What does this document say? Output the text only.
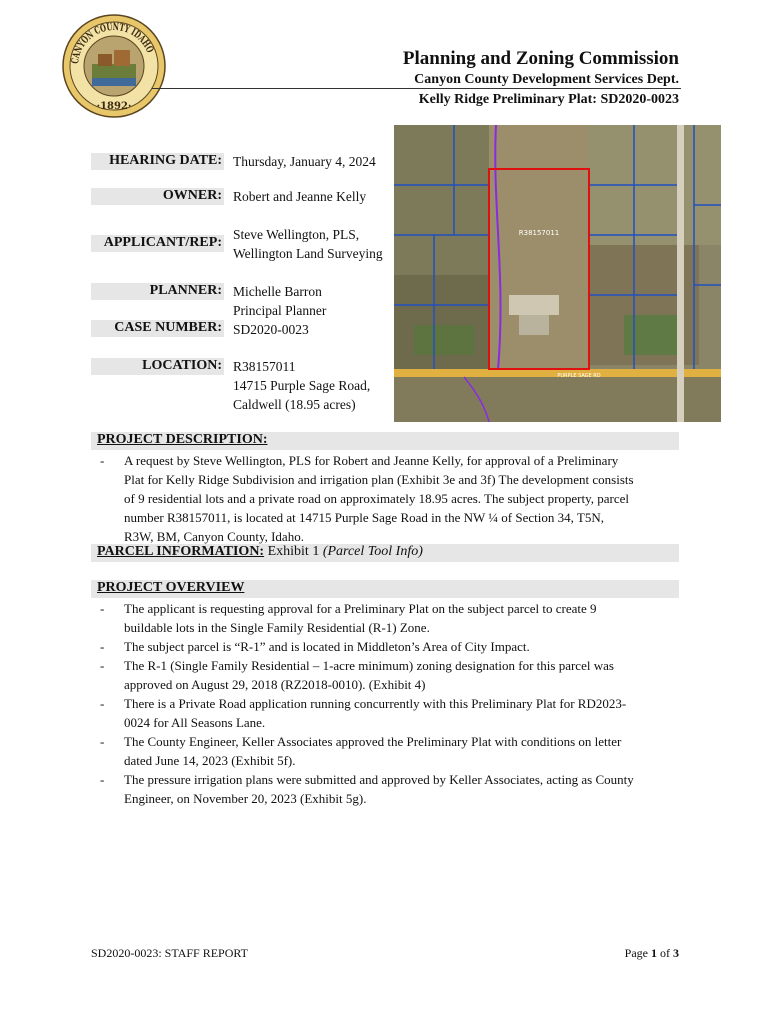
CANYON COUNTY IDAHO
·1892·
Planning and Zoning Commission
Canyon County Development Services Dept.
Kelly Ridge Preliminary Plat: SD2020-0023
HEARING DATE: Thursday, January 4, 2024
OWNER: Robert and Jeanne Kelly
APPLICANT/REP:
Steve Wellington, PLS,
Wellington Land Surveying
PLANNER: Michelle Barron
Principal Planner
CASE NUMBER: SD2020-0023
LOCATION: R38157011
14715 Purple Sage Road,
Caldwell (18.95 acres)
R38157011
PURPLE SAGE RD
PROJECT DESCRIPTION:
- A request by Steve Wellington, PLS for Robert and Jeanne Kelly, for approval of a Preliminary
Plat for Kelly Ridge Subdivision and irrigation plan (Exhibit 3e and 3f) The development consists
of 9 residential lots and a private road on approximately 18.95 acres. The subject property, parcel
number R38157011, is located at 14715 Purple Sage Road in the NW ¼ of Section 34, T5N,
R3W, BM, Canyon County, Idaho.
PARCEL INFORMATION: Exhibit 1 (Parcel Tool Info)
PROJECT OVERVIEW
- The applicant is requesting approval for a Preliminary Plat on the subject parcel to create 9
buildable lots in the Single Family Residential (R-1) Zone.
- The subject parcel is “R-1” and is located in Middleton’s Area of City Impact.
- The R-1 (Single Family Residential – 1-acre minimum) zoning designation for this parcel was
approved on August 29, 2018 (RZ2018-0010). (Exhibit 4)
- There is a Private Road application running concurrently with this Preliminary Plat for RD2023-
0024 for All Seasons Lane.
- The County Engineer, Keller Associates approved the Preliminary Plat with conditions on letter
dated June 14, 2023 (Exhibit 5f).
- The pressure irrigation plans were submitted and approved by Keller Associates, acting as County
Engineer, on November 20, 2023 (Exhibit 5g).
SD2020-0023: STAFF REPORT	Page 1 of 3
